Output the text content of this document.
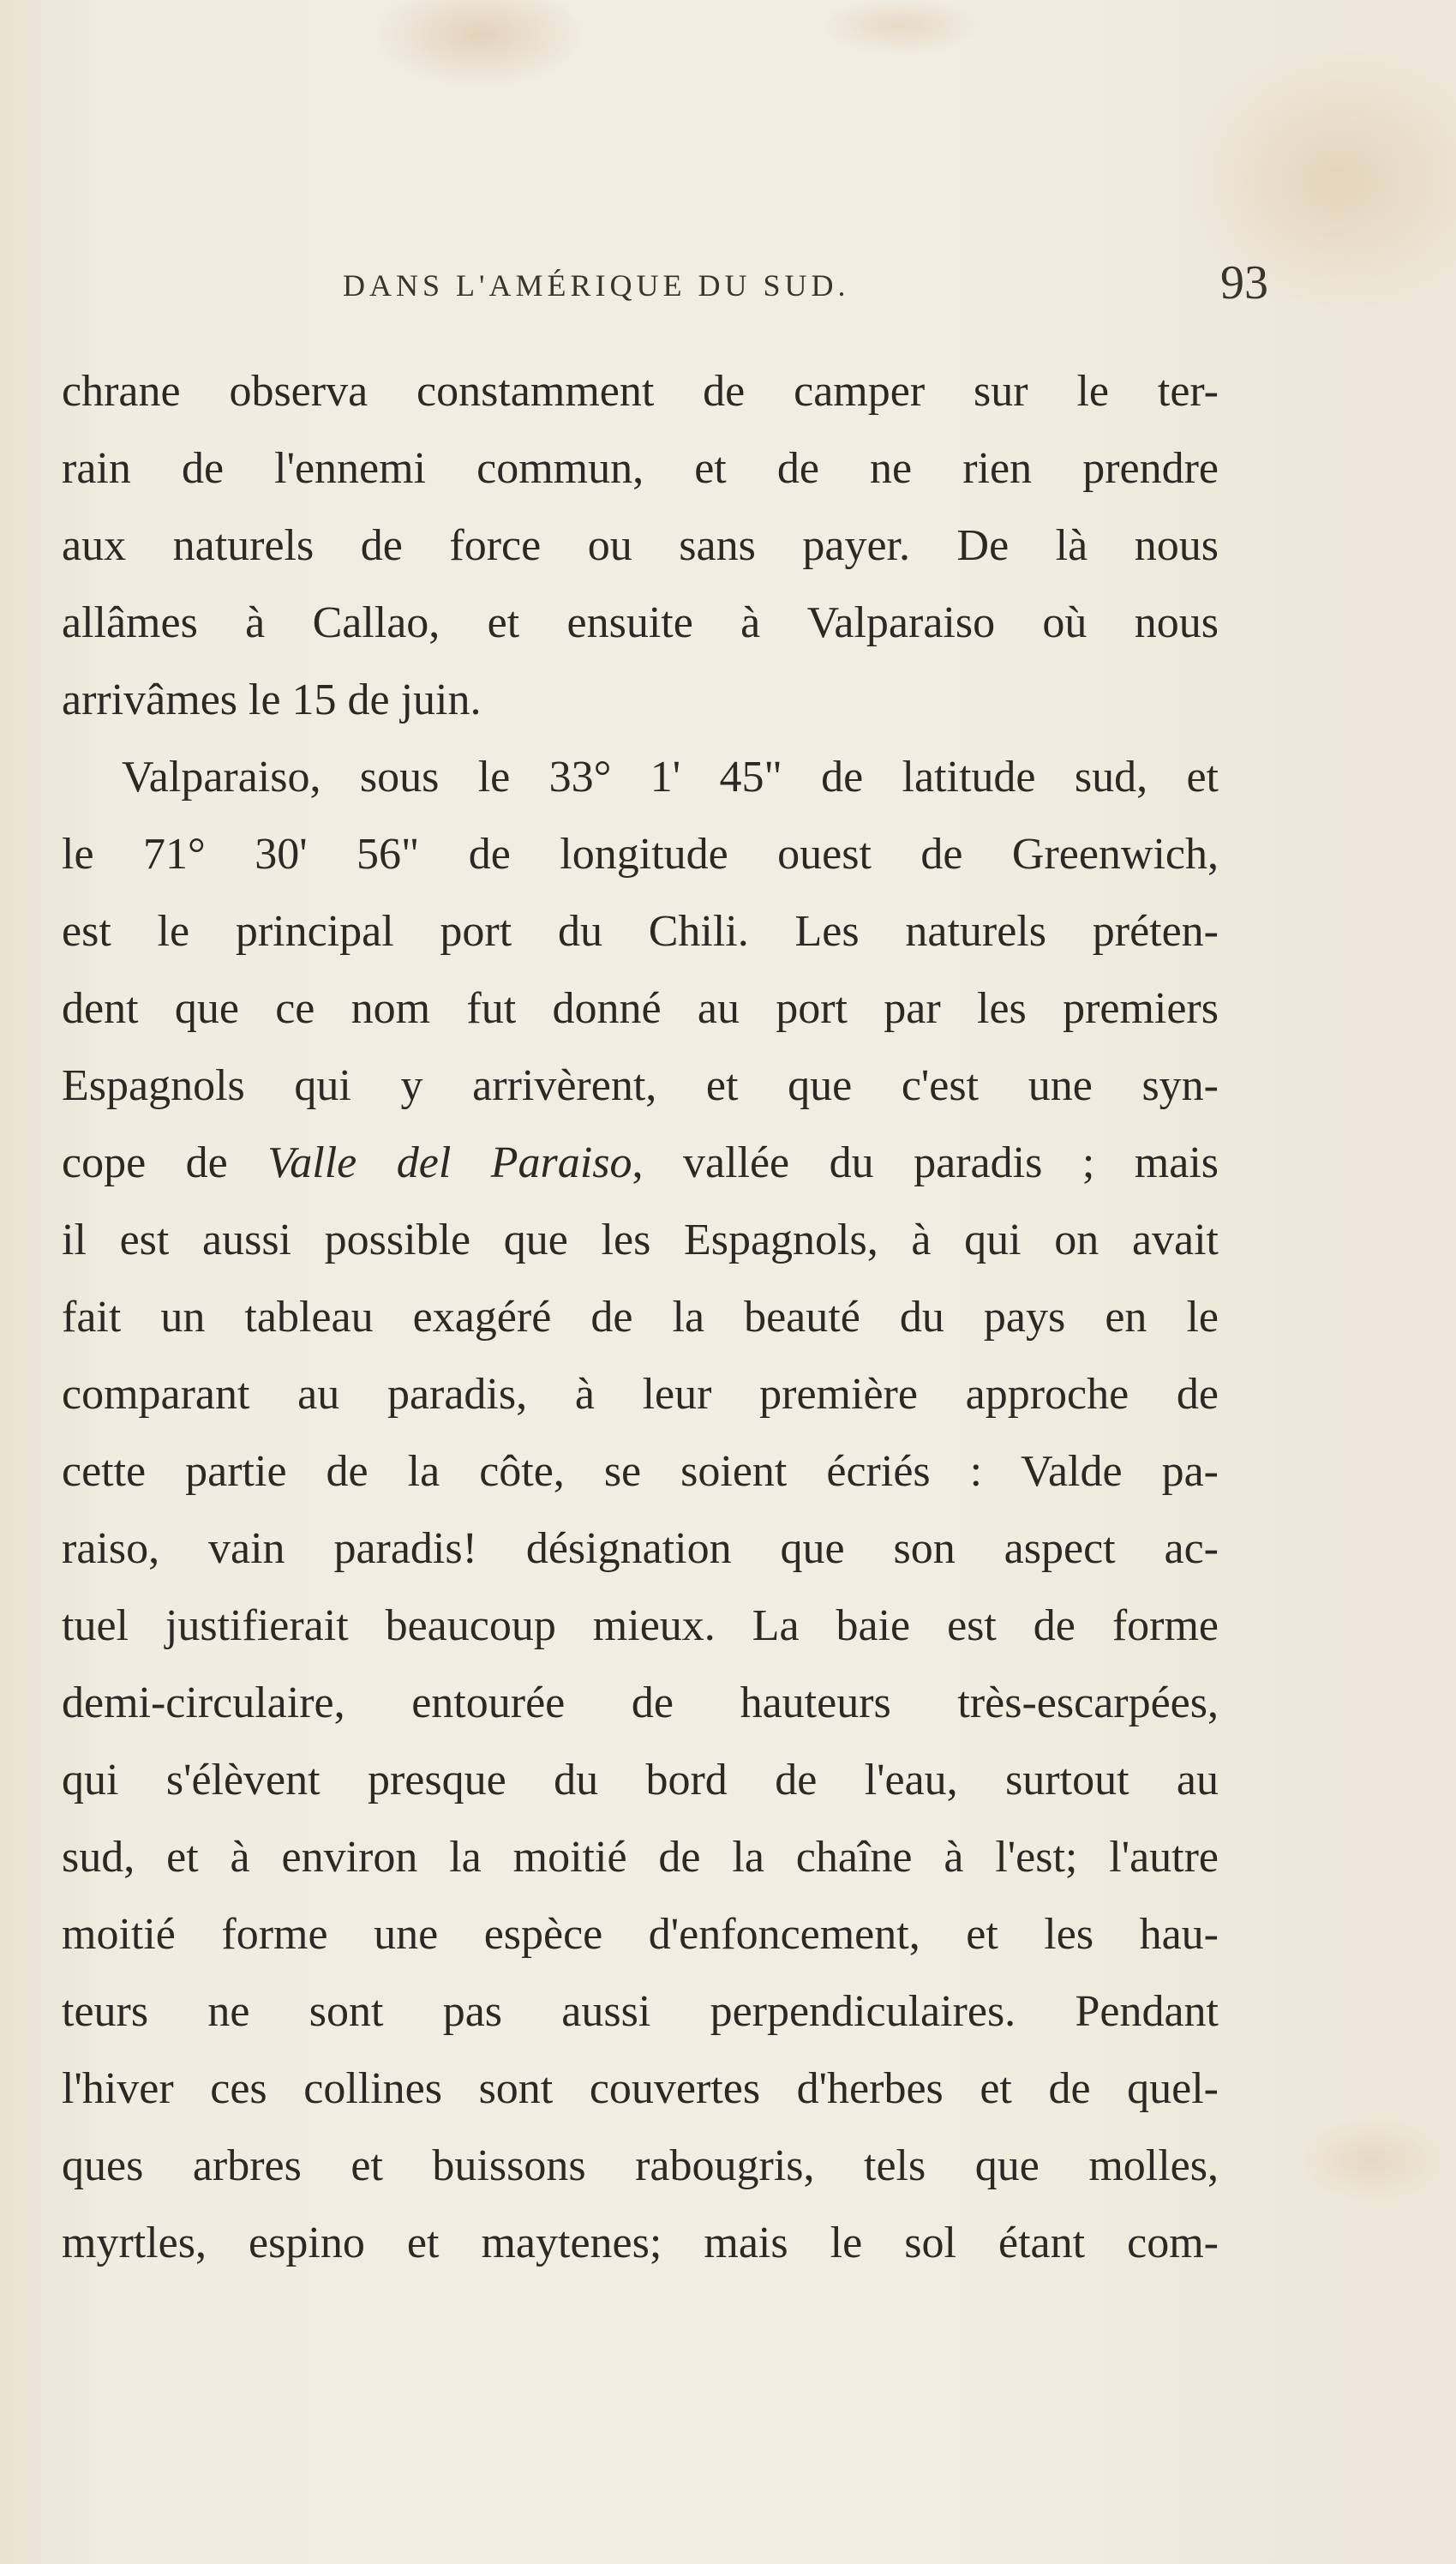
DANS L'AMÉRIQUE DU SUD.	93
chrane observa constamment de camper sur le ter-
rain de l'ennemi commun, et de ne rien prendre
aux naturels de force ou sans payer. De là nous
allâmes à Callao, et ensuite à Valparaiso où nous
arrivâmes le 15 de juin.
Valparaiso, sous le 33° 1' 45" de latitude sud, et
le 71° 30' 56" de longitude ouest de Greenwich,
est le principal port du Chili. Les naturels préten-
dent que ce nom fut donné au port par les premiers
Espagnols qui y arrivèrent, et que c'est une syn-
cope de Valle del Paraiso, vallée du paradis ; mais
il est aussi possible que les Espagnols, à qui on avait
fait un tableau exagéré de la beauté du pays en le
comparant au paradis, à leur première approche de
cette partie de la côte, se soient écriés : Valde pa-
raiso, vain paradis! désignation que son aspect ac-
tuel justifierait beaucoup mieux. La baie est de forme
demi-circulaire, entourée de hauteurs très-escarpées,
qui s'élèvent presque du bord de l'eau, surtout au
sud, et à environ la moitié de la chaîne à l'est; l'autre
moitié forme une espèce d'enfoncement, et les hau-
teurs ne sont pas aussi perpendiculaires. Pendant
l'hiver ces collines sont couvertes d'herbes et de quel-
ques arbres et buissons rabougris, tels que molles,
myrtles, espino et maytenes; mais le sol étant com-
